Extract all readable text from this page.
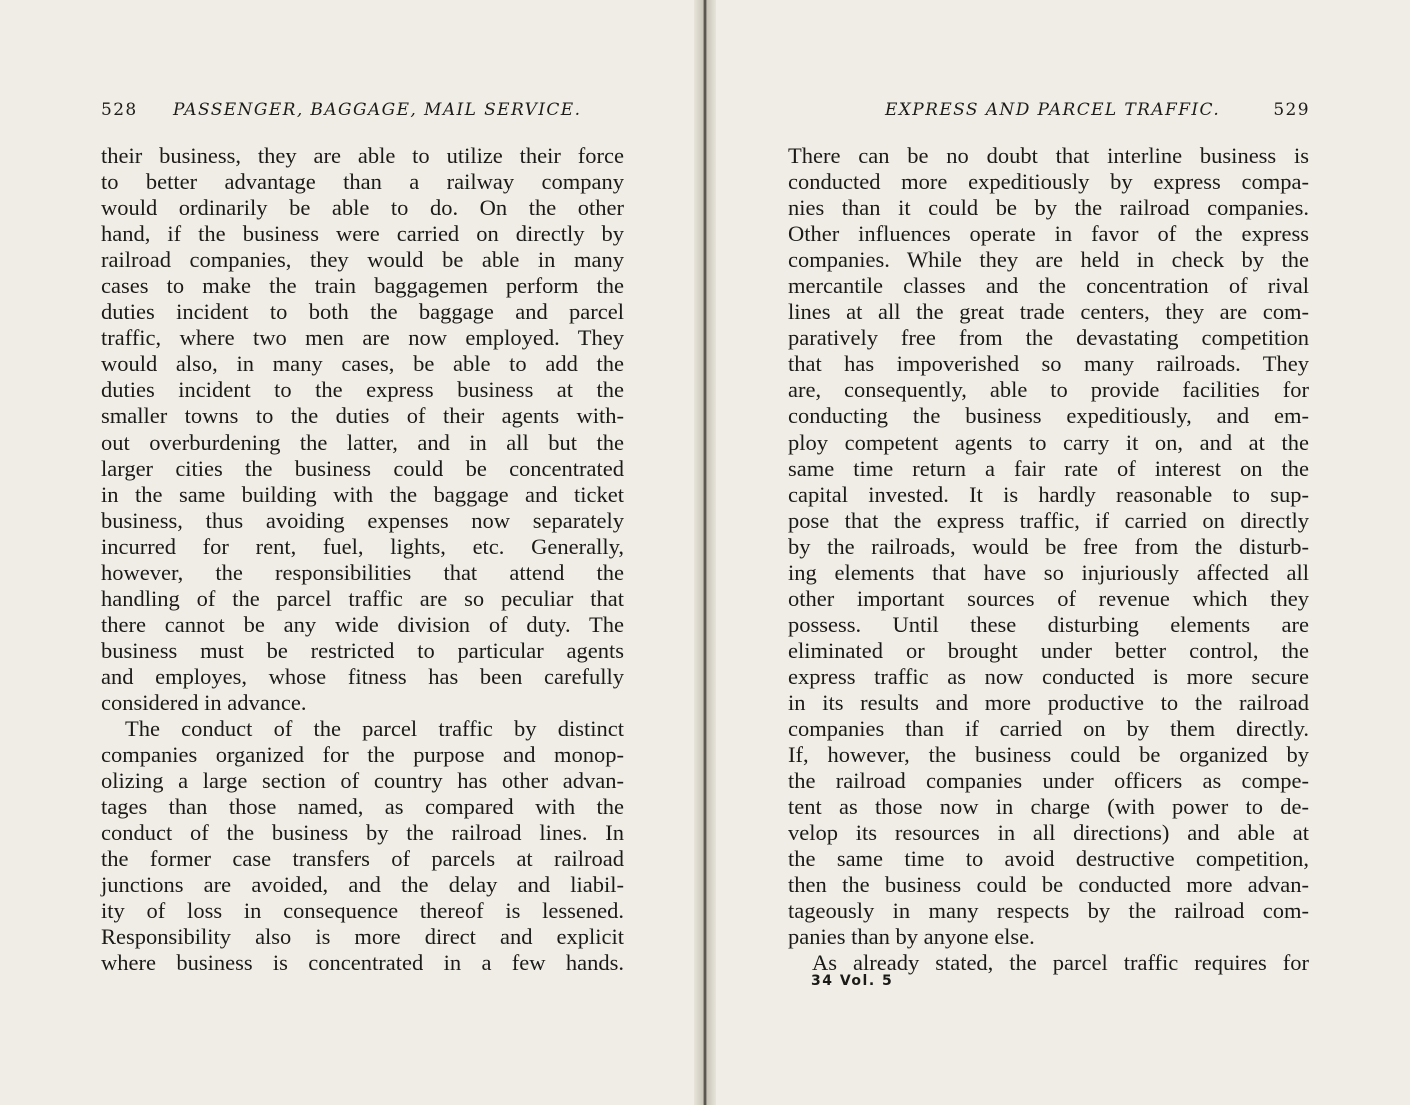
528 PASSENGER, BAGGAGE, MAIL SERVICE.	EXPRESS AND PARCEL TRAFFIC.	529
their business, they are able to utilize their force
to better advantage than a railway company
would ordinarily be able to do. On the other
hand, if the business were carried on directly by
railroad companies, they would be able in many
cases to make the train baggagemen perform the
duties incident to both the baggage and parcel
traffic, where two men are now employed. They
would also, in many cases, be able to add the
duties incident to the express business at the
smaller towns to the duties of their agents with-
out overburdening the latter, and in all but the
larger cities the business could be concentrated
in the same building with the baggage and ticket
business, thus avoiding expenses now separately
incurred for rent, fuel, lights, etc. Generally,
however, the responsibilities that attend the
handling of the parcel traffic are so peculiar that
there cannot be any wide division of duty. The
business must be restricted to particular agents
and employes, whose fitness has been carefully
considered in advance.
The conduct of the parcel traffic by distinct
companies organized for the purpose and monop-
olizing a large section of country has other advan-
tages than those named, as compared with the
conduct of the business by the railroad lines. In
the former case transfers of parcels at railroad
junctions are avoided, and the delay and liabil-
ity of loss in consequence thereof is lessened.
Responsibility also is more direct and explicit
where business is concentrated in a few hands.
There can be no doubt that interline business is
conducted more expeditiously by express compa-
nies than it could be by the railroad companies.
Other influences operate in favor of the express
companies. While they are held in check by the
mercantile classes and the concentration of rival
lines at all the great trade centers, they are com-
paratively free from the devastating competition
that has impoverished so many railroads. They
are, consequently, able to provide facilities for
conducting the business expeditiously, and em-
ploy competent agents to carry it on, and at the
same time return a fair rate of interest on the
capital invested. It is hardly reasonable to sup-
pose that the express traffic, if carried on directly
by the railroads, would be free from the disturb-
ing elements that have so injuriously affected all
other important sources of revenue which they
possess. Until these disturbing elements are
eliminated or brought under better control, the
express traffic as now conducted is more secure
in its results and more productive to the railroad
companies than if carried on by them directly.
If, however, the business could be organized by
the railroad companies under officers as compe-
tent as those now in charge (with power to de-
velop its resources in all directions) and able at
the same time to avoid destructive competition,
then the business could be conducted more advan-
tageously in many respects by the railroad com-
panies than by anyone else.
As already stated, the parcel traffic requires for
34 Vol. 5
